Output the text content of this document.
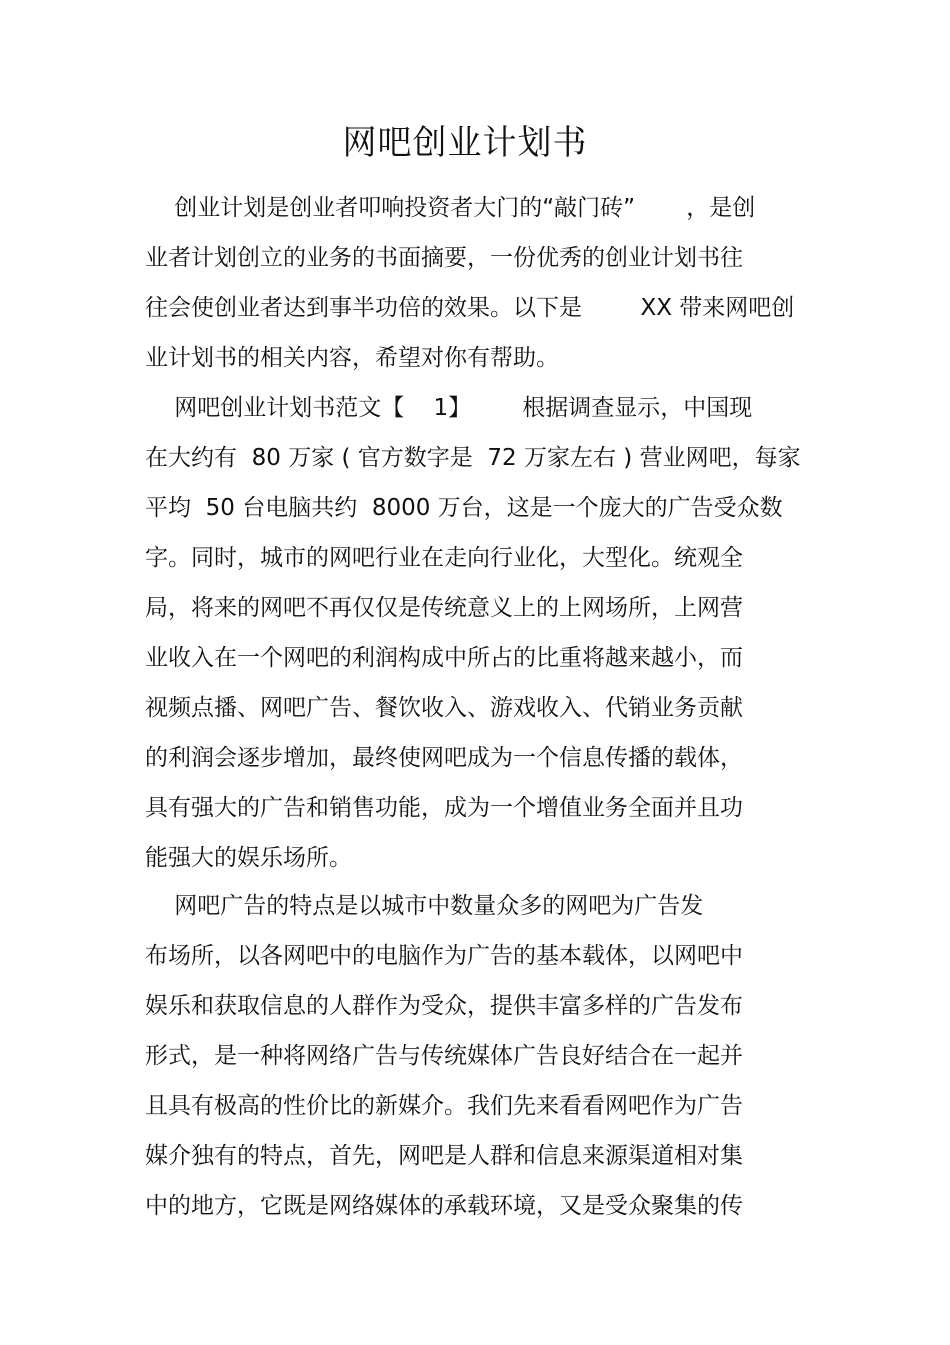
网吧创业计划书
创业计划是创业者叩响投资者大门的“敲门砖”       ，是创
业者计划创立的业务的书面摘要，一份优秀的创业计划书往
往会使创业者达到事半功倍的效果。以下是        XX 带来网吧创
业计划书的相关内容，希望对你有帮助。
网吧创业计划书范文【    1】       根据调查显示，中国现
在大约有  80 万家 ( 官方数字是  72 万家左右 ) 营业网吧，每家
平均  50 台电脑共约  8000 万台，这是一个庞大的广告受众数
字。同时，城市的网吧行业在走向行业化，大型化。统观全
局，将来的网吧不再仅仅是传统意义上的上网场所，上网营
业收入在一个网吧的利润构成中所占的比重将越来越小，而
视频点播、网吧广告、餐饮收入、游戏收入、代销业务贡献
的利润会逐步增加，最终使网吧成为一个信息传播的载体，
具有强大的广告和销售功能，成为一个增值业务全面并且功
能强大的娱乐场所。
网吧广告的特点是以城市中数量众多的网吧为广告发
布场所，以各网吧中的电脑作为广告的基本载体，以网吧中
娱乐和获取信息的人群作为受众，提供丰富多样的广告发布
形式，是一种将网络广告与传统媒体广告良好结合在一起并
且具有极高的性价比的新媒介。我们先来看看网吧作为广告
媒介独有的特点，首先，网吧是人群和信息来源渠道相对集
中的地方，它既是网络媒体的承载环境，又是受众聚集的传
